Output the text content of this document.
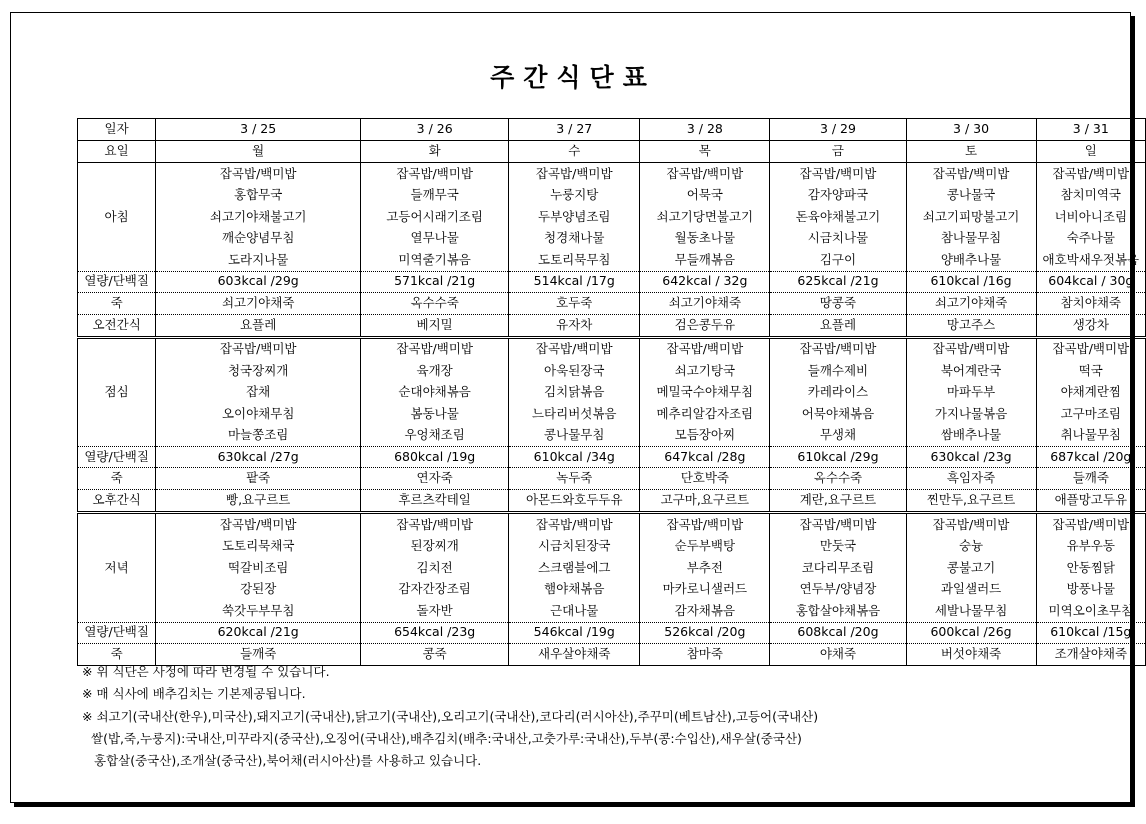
주간식단표
일자	3 / 25	3 / 26	3 / 27	3 / 28	3 / 29	3 / 30	3 / 31
요일	월	화	수	목	금	토	일
아침	잡곡밥/백미밥	잡곡밥/백미밥	잡곡밥/백미밥	잡곡밥/백미밥	잡곡밥/백미밥	잡곡밥/백미밥	잡곡밥/백미밥
	홍합무국	들깨무국	누룽지탕	어묵국	감자양파국	콩나물국	참치미역국
	쇠고기야채불고기	고등어시래기조림	두부양념조림	쇠고기당면불고기	돈육야채불고기	쇠고기피망불고기	너비아니조림
	깨순양념무침	열무나물	청경채나물	월동초나물	시금치나물	참나물무침	숙주나물
	도라지나물	미역줄기볶음	도토리묵무침	무들깨볶음	김구이	양배추나물	애호박새우젓볶음
열량/단백질	603kcal /29g	571kcal /21g	514kcal /17g	642kcal / 32g	625kcal /21g	610kcal /16g	604kcal / 30g
죽	쇠고기야채죽	옥수수죽	호두죽	쇠고기야채죽	땅콩죽	쇠고기야채죽	참치야채죽
오전간식	요플레	베지밀	유자차	검은콩두유	요플레	망고주스	생강차
점심	잡곡밥/백미밥	잡곡밥/백미밥	잡곡밥/백미밥	잡곡밥/백미밥	잡곡밥/백미밥	잡곡밥/백미밥	잡곡밥/백미밥
	청국장찌개	육개장	아욱된장국	쇠고기탕국	들깨수제비	북어계란국	떡국
	잡채	순대야채볶음	김치닭볶음	메밀국수야채무침	카레라이스	마파두부	야채계란찜
	오이야채무침	봄동나물	느타리버섯볶음	메추리알감자조림	어묵야채볶음	가지나물볶음	고구마조림
	마늘쫑조림	우엉채조림	콩나물무침	모듬장아찌	무생채	쌈배추나물	취나물무침
열량/단백질	630kcal /27g	680kcal /19g	610kcal /34g	647kcal /28g	610kcal /29g	630kcal /23g	687kcal /20g
죽	팥죽	연자죽	녹두죽	단호박죽	옥수수죽	흑임자죽	들깨죽
오후간식	빵,요구르트	후르츠칵테일	아몬드와호두두유	고구마,요구르트	계란,요구르트	찐만두,요구르트	애플망고두유
저녁	잡곡밥/백미밥	잡곡밥/백미밥	잡곡밥/백미밥	잡곡밥/백미밥	잡곡밥/백미밥	잡곡밥/백미밥	잡곡밥/백미밥
	도토리묵채국	된장찌개	시금치된장국	순두부백탕	만둣국	숭늉	유부우동
	떡갈비조림	김치전	스크램블에그	부추전	코다리무조림	콩불고기	안동찜닭
	강된장	감자간장조림	햄야채볶음	마카로니샐러드	연두부/양념장	과일샐러드	방풍나물
	쑥갓두부무침	돌자반	근대나물	감자채볶음	홍합살야채볶음	세발나물무침	미역오이초무침
열량/단백질	620kcal /21g	654kcal /23g	546kcal /19g	526kcal /20g	608kcal /20g	600kcal /26g	610kcal /15g
죽	들깨죽	콩죽	새우살야채죽	참마죽	야채죽	버섯야채죽	조개살야채죽
※ 위 식단은 사정에 따라 변경될 수 있습니다.
※ 매 식사에 배추김치는 기본제공됩니다.
※ 쇠고기(국내산(한우),미국산),돼지고기(국내산),닭고기(국내산),오리고기(국내산),코다리(러시아산),주꾸미(베트남산),고등어(국내산)
쌀(밥,죽,누룽지):국내산,미꾸라지(중국산),오징어(국내산),배추김치(배추:국내산,고춧가루:국내산),두부(콩:수입산),새우살(중국산)
홍합살(중국산),조개살(중국산),북어채(러시아산)를 사용하고 있습니다.
